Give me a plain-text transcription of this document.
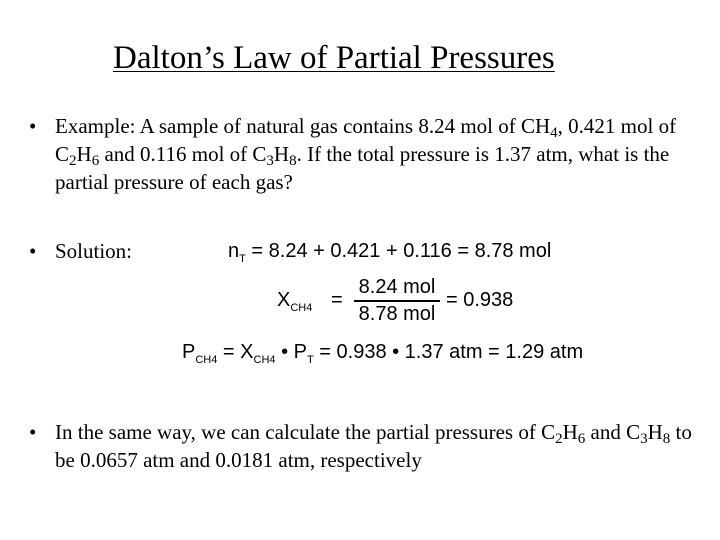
Dalton’s Law of Partial Pressures
• Example: A sample of natural gas contains 8.24 mol of $CH_4$, 0.421 mol of $C_2H_6$ and 0.116 mol of $C_3H_8$. If the total pressure is 1.37 atm, what is the partial pressure of each gas?
• Solution:	$n_T = 8.24 + 0.421 + 0.116 = 8.78$ mol
$X_{CH4}$ =
8.24 mol
8.78 mol
= 0.938
$P_{CH4} = X_{CH4}$ • $P_T = 0.938$ • 1.37 atm = 1.29 atm
• In the same way, we can calculate the partial pressures of $C_2H_6$ and $C_3H_8$ to be 0.0657 atm and 0.0181 atm, respectively
